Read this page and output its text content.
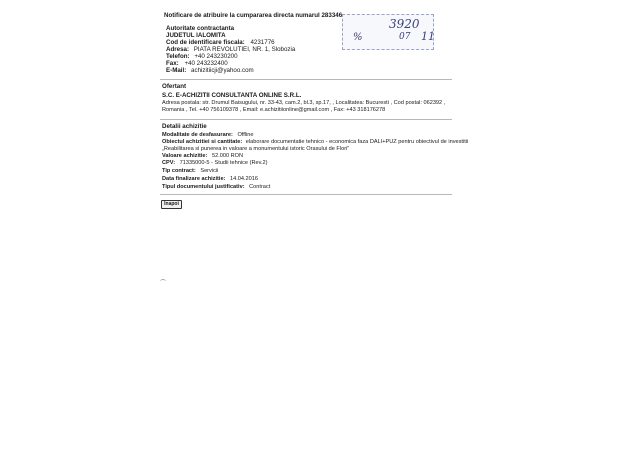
Notificare de atribuire la cumpararea directa numarul 283346
%
3920
07 11
Autoritate contractanta
JUDETUL IALOMITA
Cod de identificare fiscala: 4231776
Adresa: PIATA REVOLUTIEI, NR. 1, Slobozia
Telefon: +40 243230200
Fax: +40 243232400
E-Mail: achizitiicji@yahoo.com
Ofertant
S.C. E-ACHIZITII CONSULTANTA ONLINE S.R.L.
Adresa postala: str. Drumul Baisugului, nr. 33-43, cam.2, bl.3, sp.17, , Localitatea: Bucuresti , Cod postal: 062392 ,
Romania , Tel. +40 756109378 , Email: e.achizitiionline@gmail.com , Fax: +43 318176278
Detalii achizitie
Modalitate de desfasurare: Offline
Obiectul achizitiei si cantitate: elaborare documentatie tehnico - economica faza DALI+PUZ pentru obiectivul de investitii
„Reabilitarea si punerea in valoare a monumentului istoric Orasului de Flori”
Valoare achizitie: 52.000 RON
CPV: 71335000-5 - Studii tehnice (Rev.2)
Tip contract: Servicii
Data finalizare achizitie: 14.04.2016
Tipul documentului justificativ: Contract
Inapoi
